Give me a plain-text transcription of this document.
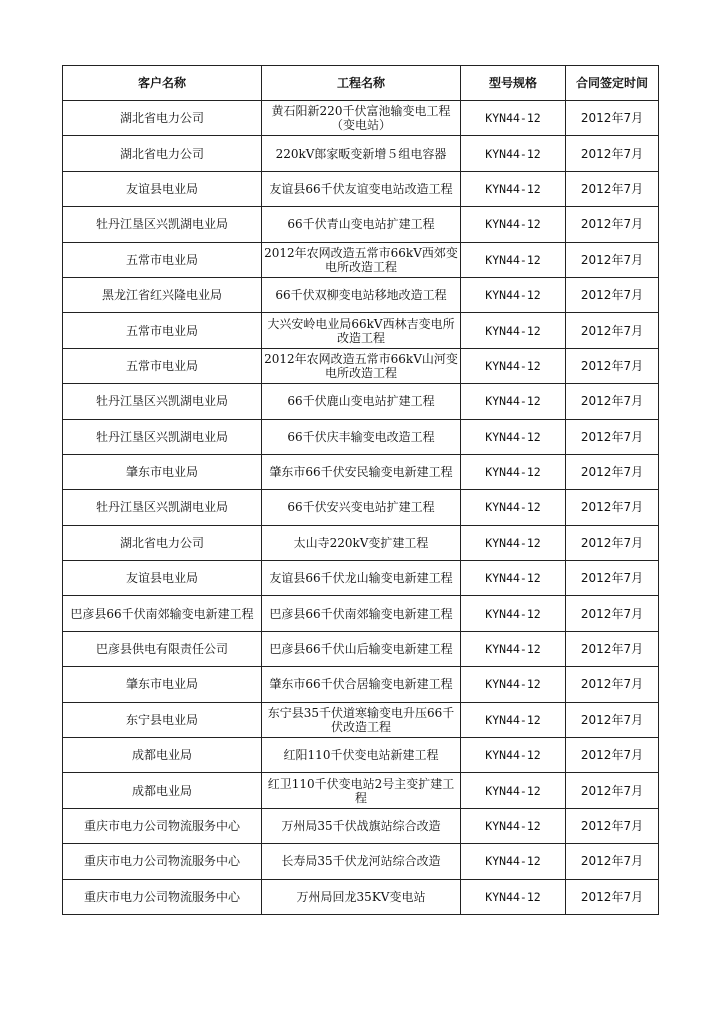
客户名称	工程名称	型号规格	合同签定时间
湖北省电力公司	黄石阳新220千伏富池输变电工程（变电站）	KYN44-12	2012年7月
湖北省电力公司	220kV郎家畈变新增５组电容器	KYN44-12	2012年7月
友谊县电业局	友谊县66千伏友谊变电站改造工程	KYN44-12	2012年7月
牡丹江垦区兴凯湖电业局	66千伏青山变电站扩建工程	KYN44-12	2012年7月
五常市电业局	2012年农网改造五常市66kV西郊变电所改造工程	KYN44-12	2012年7月
黑龙江省红兴隆电业局	66千伏双柳变电站移地改造工程	KYN44-12	2012年7月
五常市电业局	大兴安岭电业局66kV西林吉变电所改造工程	KYN44-12	2012年7月
五常市电业局	2012年农网改造五常市66kV山河变电所改造工程	KYN44-12	2012年7月
牡丹江垦区兴凯湖电业局	66千伏鹿山变电站扩建工程	KYN44-12	2012年7月
牡丹江垦区兴凯湖电业局	66千伏庆丰输变电改造工程	KYN44-12	2012年7月
肇东市电业局	肇东市66千伏安民输变电新建工程	KYN44-12	2012年7月
牡丹江垦区兴凯湖电业局	66千伏安兴变电站扩建工程	KYN44-12	2012年7月
湖北省电力公司	太山寺220kV变扩建工程	KYN44-12	2012年7月
友谊县电业局	友谊县66千伏龙山输变电新建工程	KYN44-12	2012年7月
巴彦县66千伏南郊输变电新建工程	巴彦县66千伏南郊输变电新建工程	KYN44-12	2012年7月
巴彦县供电有限责任公司	巴彦县66千伏山后输变电新建工程	KYN44-12	2012年7月
肇东市电业局	肇东市66千伏合居输变电新建工程	KYN44-12	2012年7月
东宁县电业局	东宁县35千伏道寒输变电升压66千伏改造工程	KYN44-12	2012年7月
成都电业局	红阳110千伏变电站新建工程	KYN44-12	2012年7月
成都电业局	红卫110千伏变电站2号主变扩建工程	KYN44-12	2012年7月
重庆市电力公司物流服务中心	万州局35千伏战旗站综合改造	KYN44-12	2012年7月
重庆市电力公司物流服务中心	长寿局35千伏龙河站综合改造	KYN44-12	2012年7月
重庆市电力公司物流服务中心	万州局回龙35KV变电站	KYN44-12	2012年7月
